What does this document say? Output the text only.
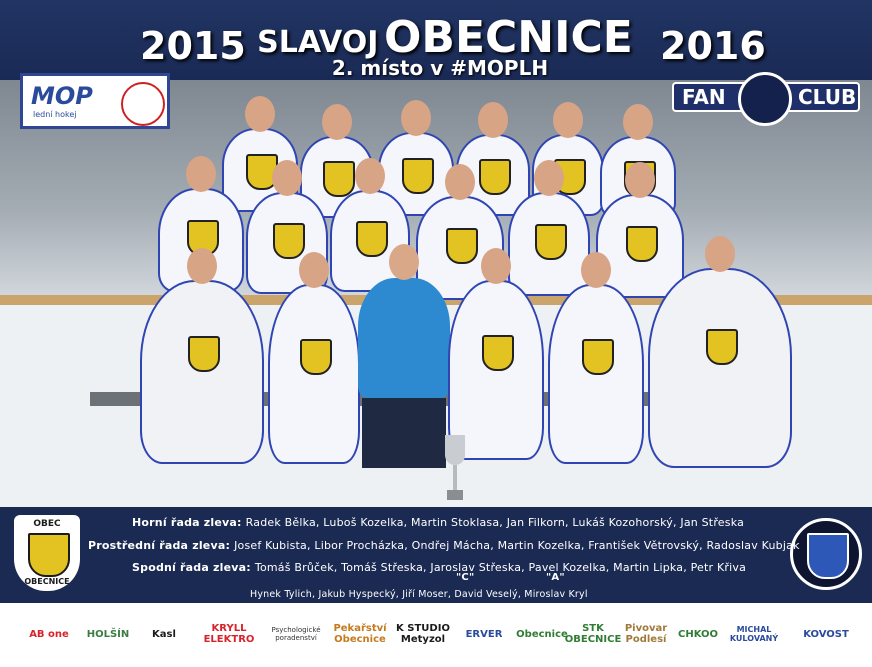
2015 SLAVOJ OBECNICE 2016
2. místo v #MOPLH
MOP
lední hokej
FAN	CLUB
OBEC
OBECNICE
Horní řada zleva: Radek Bělka, Luboš Kozelka, Martin Stoklasa, Jan Filkorn, Lukáš Kozohorský, Jan Střeska
Prostřední řada zleva: Josef Kubista, Libor Procházka, Ondřej Mácha, Martin Kozelka, František Větrovský, Radoslav Kubjak
Spodní řada zleva: Tomáš Brůček, Tomáš Střeska, Jaroslav Střeska, Pavel Kozelka, Martin Lipka, Petr Křiva
"C"	"A"
Hynek Tylich, Jakub Hyspecký, Jiří Moser, David Veselý, Miroslav Kryl
AB one HOLŠÍN Kasl	KRYLL ELEKTRO
Psychologické poradenství
Pekařství Obecnice
K STUDIO Metyzol	ERVER Obecnice	STK OBECNICE
Pivovar Podlesí	CHKOO	MICHAL KULOVANÝ	KOVOST
